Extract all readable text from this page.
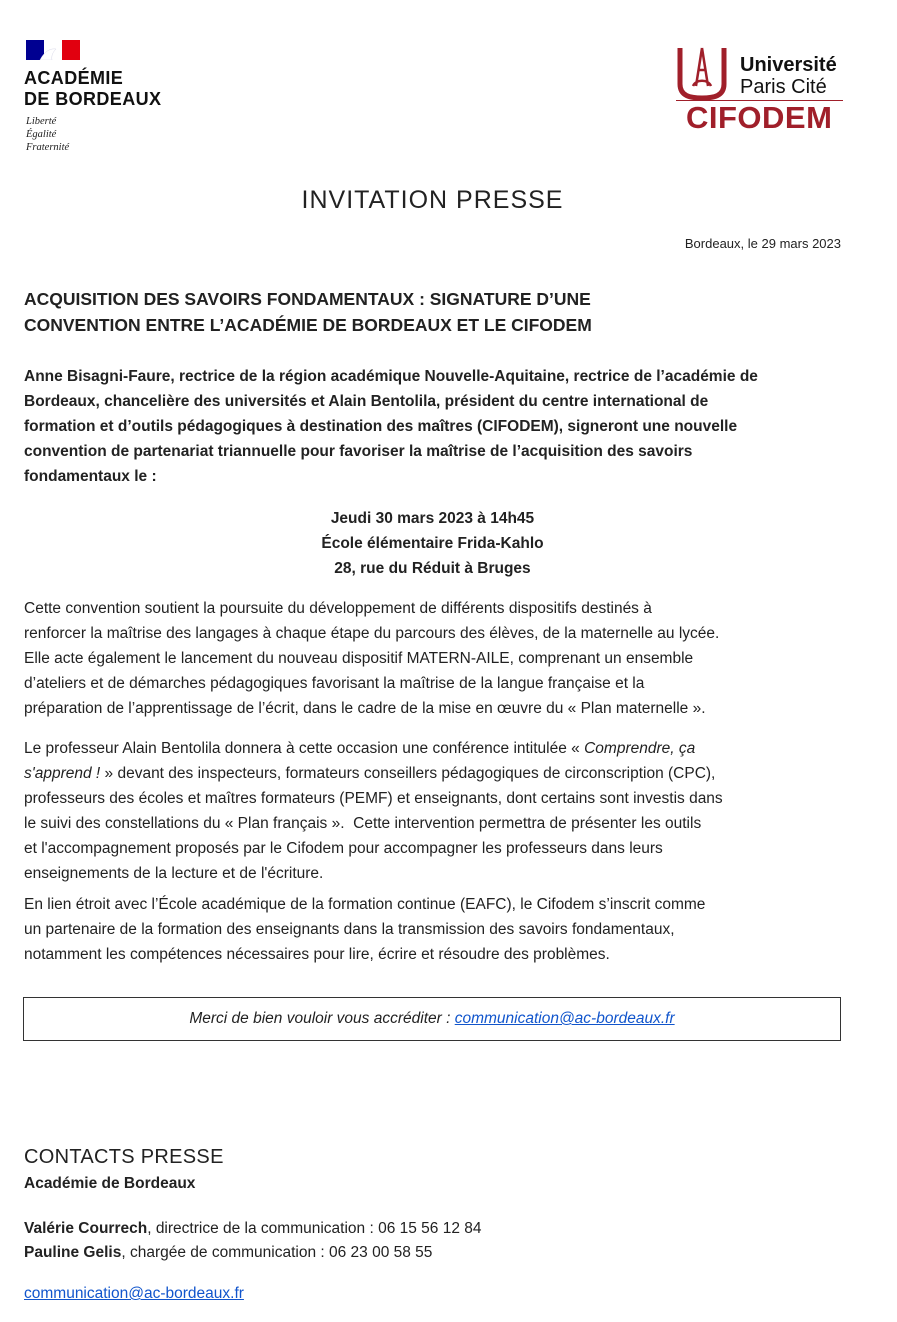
ACADÉMIE
DE BORDEAUX
Liberté
Égalité
Fraternité
Université
Paris Cité
CIFODEM
INVITATION PRESSE
Bordeaux, le 29 mars 2023
ACQUISITION DES SAVOIRS FONDAMENTAUX : SIGNATURE D’UNE
CONVENTION ENTRE L’ACADÉMIE DE BORDEAUX ET LE CIFODEM
Anne Bisagni-Faure, rectrice de la région académique Nouvelle-Aquitaine, rectrice de l’académie de
Bordeaux, chancelière des universités et Alain Bentolila, président du centre international de
formation et d’outils pédagogiques à destination des maîtres (CIFODEM), signeront une nouvelle
convention de partenariat triannuelle pour favoriser la maîtrise de l’acquisition des savoirs
fondamentaux le :
Jeudi 30 mars 2023 à 14h45
École élémentaire Frida-Kahlo
28, rue du Réduit à Bruges
Cette convention soutient la poursuite du développement de différents dispositifs destinés à
renforcer la maîtrise des langages à chaque étape du parcours des élèves, de la maternelle au lycée.
Elle acte également le lancement du nouveau dispositif MATERN-AILE, comprenant un ensemble
d’ateliers et de démarches pédagogiques favorisant la maîtrise de la langue française et la
préparation de l’apprentissage de l’écrit, dans le cadre de la mise en œuvre du « Plan maternelle ».
Le professeur Alain Bentolila donnera à cette occasion une conférence intitulée « Comprendre, ça
s'apprend ! » devant des inspecteurs, formateurs conseillers pédagogiques de circonscription (CPC),
professeurs des écoles et maîtres formateurs (PEMF) et enseignants, dont certains sont investis dans
le suivi des constellations du « Plan français ».  Cette intervention permettra de présenter les outils
et l'accompagnement proposés par le Cifodem pour accompagner les professeurs dans leurs
enseignements de la lecture et de l'écriture.
En lien étroit avec l’École académique de la formation continue (EAFC), le Cifodem s’inscrit comme
un partenaire de la formation des enseignants dans la transmission des savoirs fondamentaux,
notamment les compétences nécessaires pour lire, écrire et résoudre des problèmes.
Merci de bien vouloir vous accréditer : communication@ac-bordeaux.fr
CONTACTS PRESSE
Académie de Bordeaux
Valérie Courrech, directrice de la communication : 06 15 56 12 84
Pauline Gelis, chargée de communication : 06 23 00 58 55
communication@ac-bordeaux.fr
